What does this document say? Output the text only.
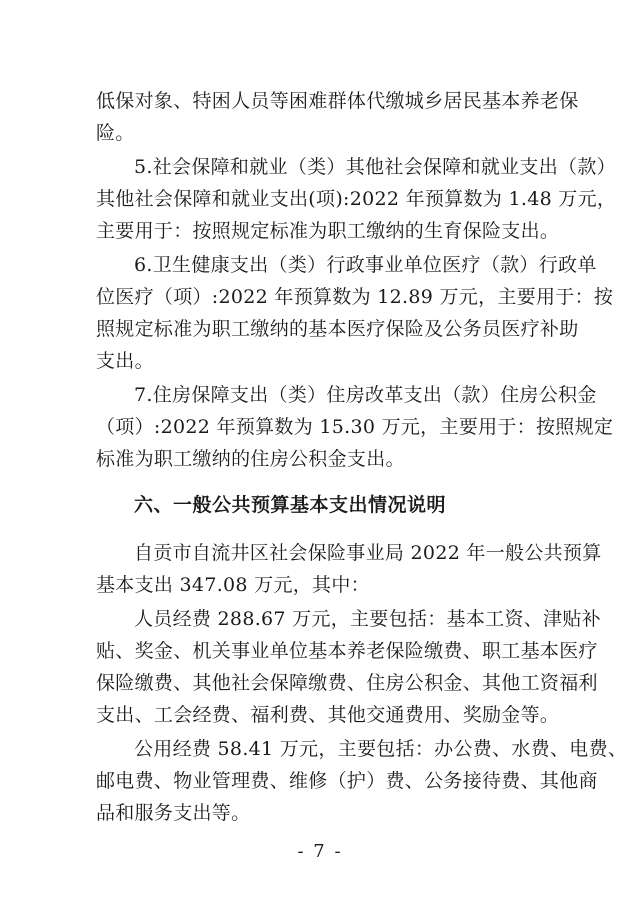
低保对象、特困人员等困难群体代缴城乡居民基本养老保
险。
5.社会保障和就业（类）其他社会保障和就业支出（款）
其他社会保障和就业支出(项):2022 年预算数为 1.48 万元，
主要用于：按照规定标准为职工缴纳的生育保险支出。
6.卫生健康支出（类）行政事业单位医疗（款）行政单
位医疗（项）:2022 年预算数为 12.89 万元，主要用于：按
照规定标准为职工缴纳的基本医疗保险及公务员医疗补助
支出。
7.住房保障支出（类）住房改革支出（款）住房公积金
（项）:2022 年预算数为 15.30 万元，主要用于：按照规定
标准为职工缴纳的住房公积金支出。
六、一般公共预算基本支出情况说明
自贡市自流井区社会保险事业局 2022 年一般公共预算
基本支出 347.08 万元，其中：
人员经费 288.67 万元，主要包括：基本工资、津贴补
贴、奖金、机关事业单位基本养老保险缴费、职工基本医疗
保险缴费、其他社会保障缴费、住房公积金、其他工资福利
支出、工会经费、福利费、其他交通费用、奖励金等。
公用经费 58.41 万元，主要包括：办公费、水费、电费、
邮电费、物业管理费、维修（护）费、公务接待费、其他商
品和服务支出等。
- 7 -
